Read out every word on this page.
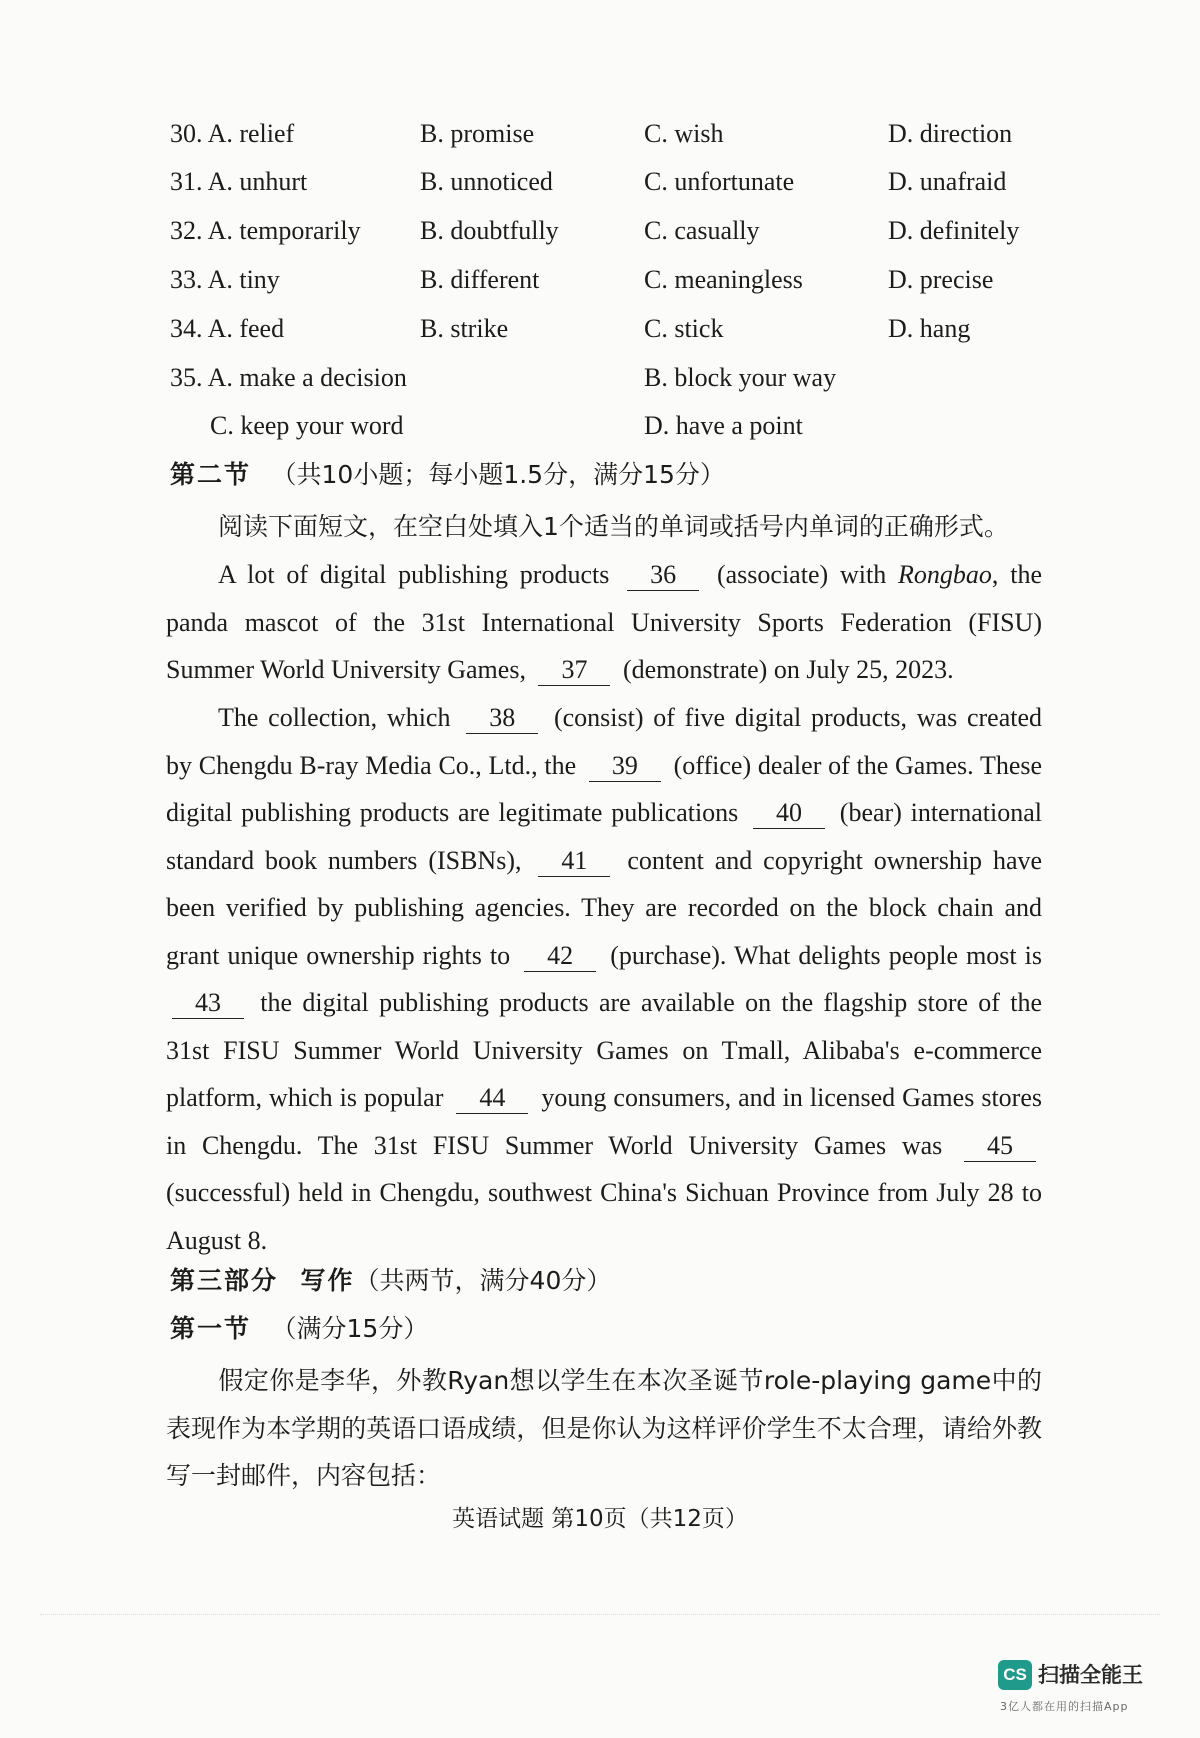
30. A. relief	B. promise	C. wish	D. direction
31. A. unhurt	B. unnoticed	C. unfortunate	D. unafraid
32. A. temporarily B. doubtfully	C. casually	D. definitely
33. A. tiny	B. different	C. meaningless	D. precise
34. A. feed	B. strike	C. stick	D. hang
35. A. make a decision	B. block your way
C. keep your word	D. have a point
第二节 （共10小题；每小题1.5分，满分15分）
阅读下面短文，在空白处填入1个适当的单词或括号内单词的正确形式。
A lot of digital publishing products 36 (associate) with Rongbao, the panda mascot of the 31st International University Sports Federation (FISU) Summer World University Games, 37 (demonstrate) on July 25, 2023.
The collection, which 38 (consist) of five digital products, was created by Chengdu B-ray Media Co., Ltd., the 39 (office) dealer of the Games. These digital publishing products are legitimate publications 40 (bear) international standard book numbers (ISBNs), 41 content and copyright ownership have been verified by publishing agencies. They are recorded on the block chain and grant unique ownership rights to 42 (purchase). What delights people most is 43 the digital publishing products are available on the flagship store of the 31st FISU Summer World University Games on Tmall, Alibaba's e-commerce platform, which is popular 44 young consumers, and in licensed Games stores in Chengdu. The 31st FISU Summer World University Games was 45 (successful) held in Chengdu, southwest China's Sichuan Province from July 28 to August 8.
第三部分 写作（共两节，满分40分）
第一节 （满分15分）
假定你是李华，外教Ryan想以学生在本次圣诞节role-playing game中的表现作为本学期的英语口语成绩，但是你认为这样评价学生不太合理，请给外教写一封邮件，内容包括：
英语试题 第10页（共12页）
CS 扫描全能王
3亿人都在用的扫描App
